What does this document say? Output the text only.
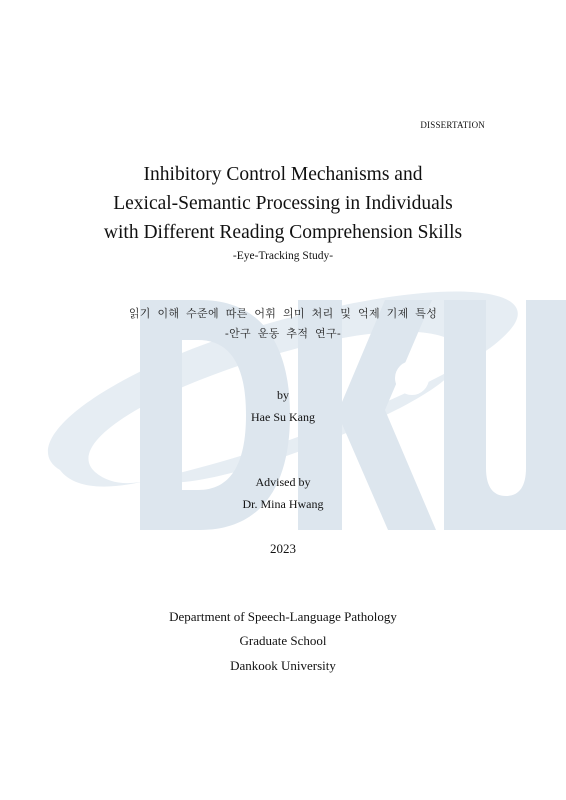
DISSERTATION
Inhibitory Control Mechanisms and
Lexical-Semantic Processing in Individuals
with Different Reading Comprehension Skills
-Eye-Tracking Study-
읽기 이해 수준에 따른 어휘 의미 처리 및 억제 기제 특성
-안구 운동 추적 연구-
by
Hae Su Kang
Advised by
Dr. Mina Hwang
2023
Department of Speech-Language Pathology
Graduate School
Dankook University
